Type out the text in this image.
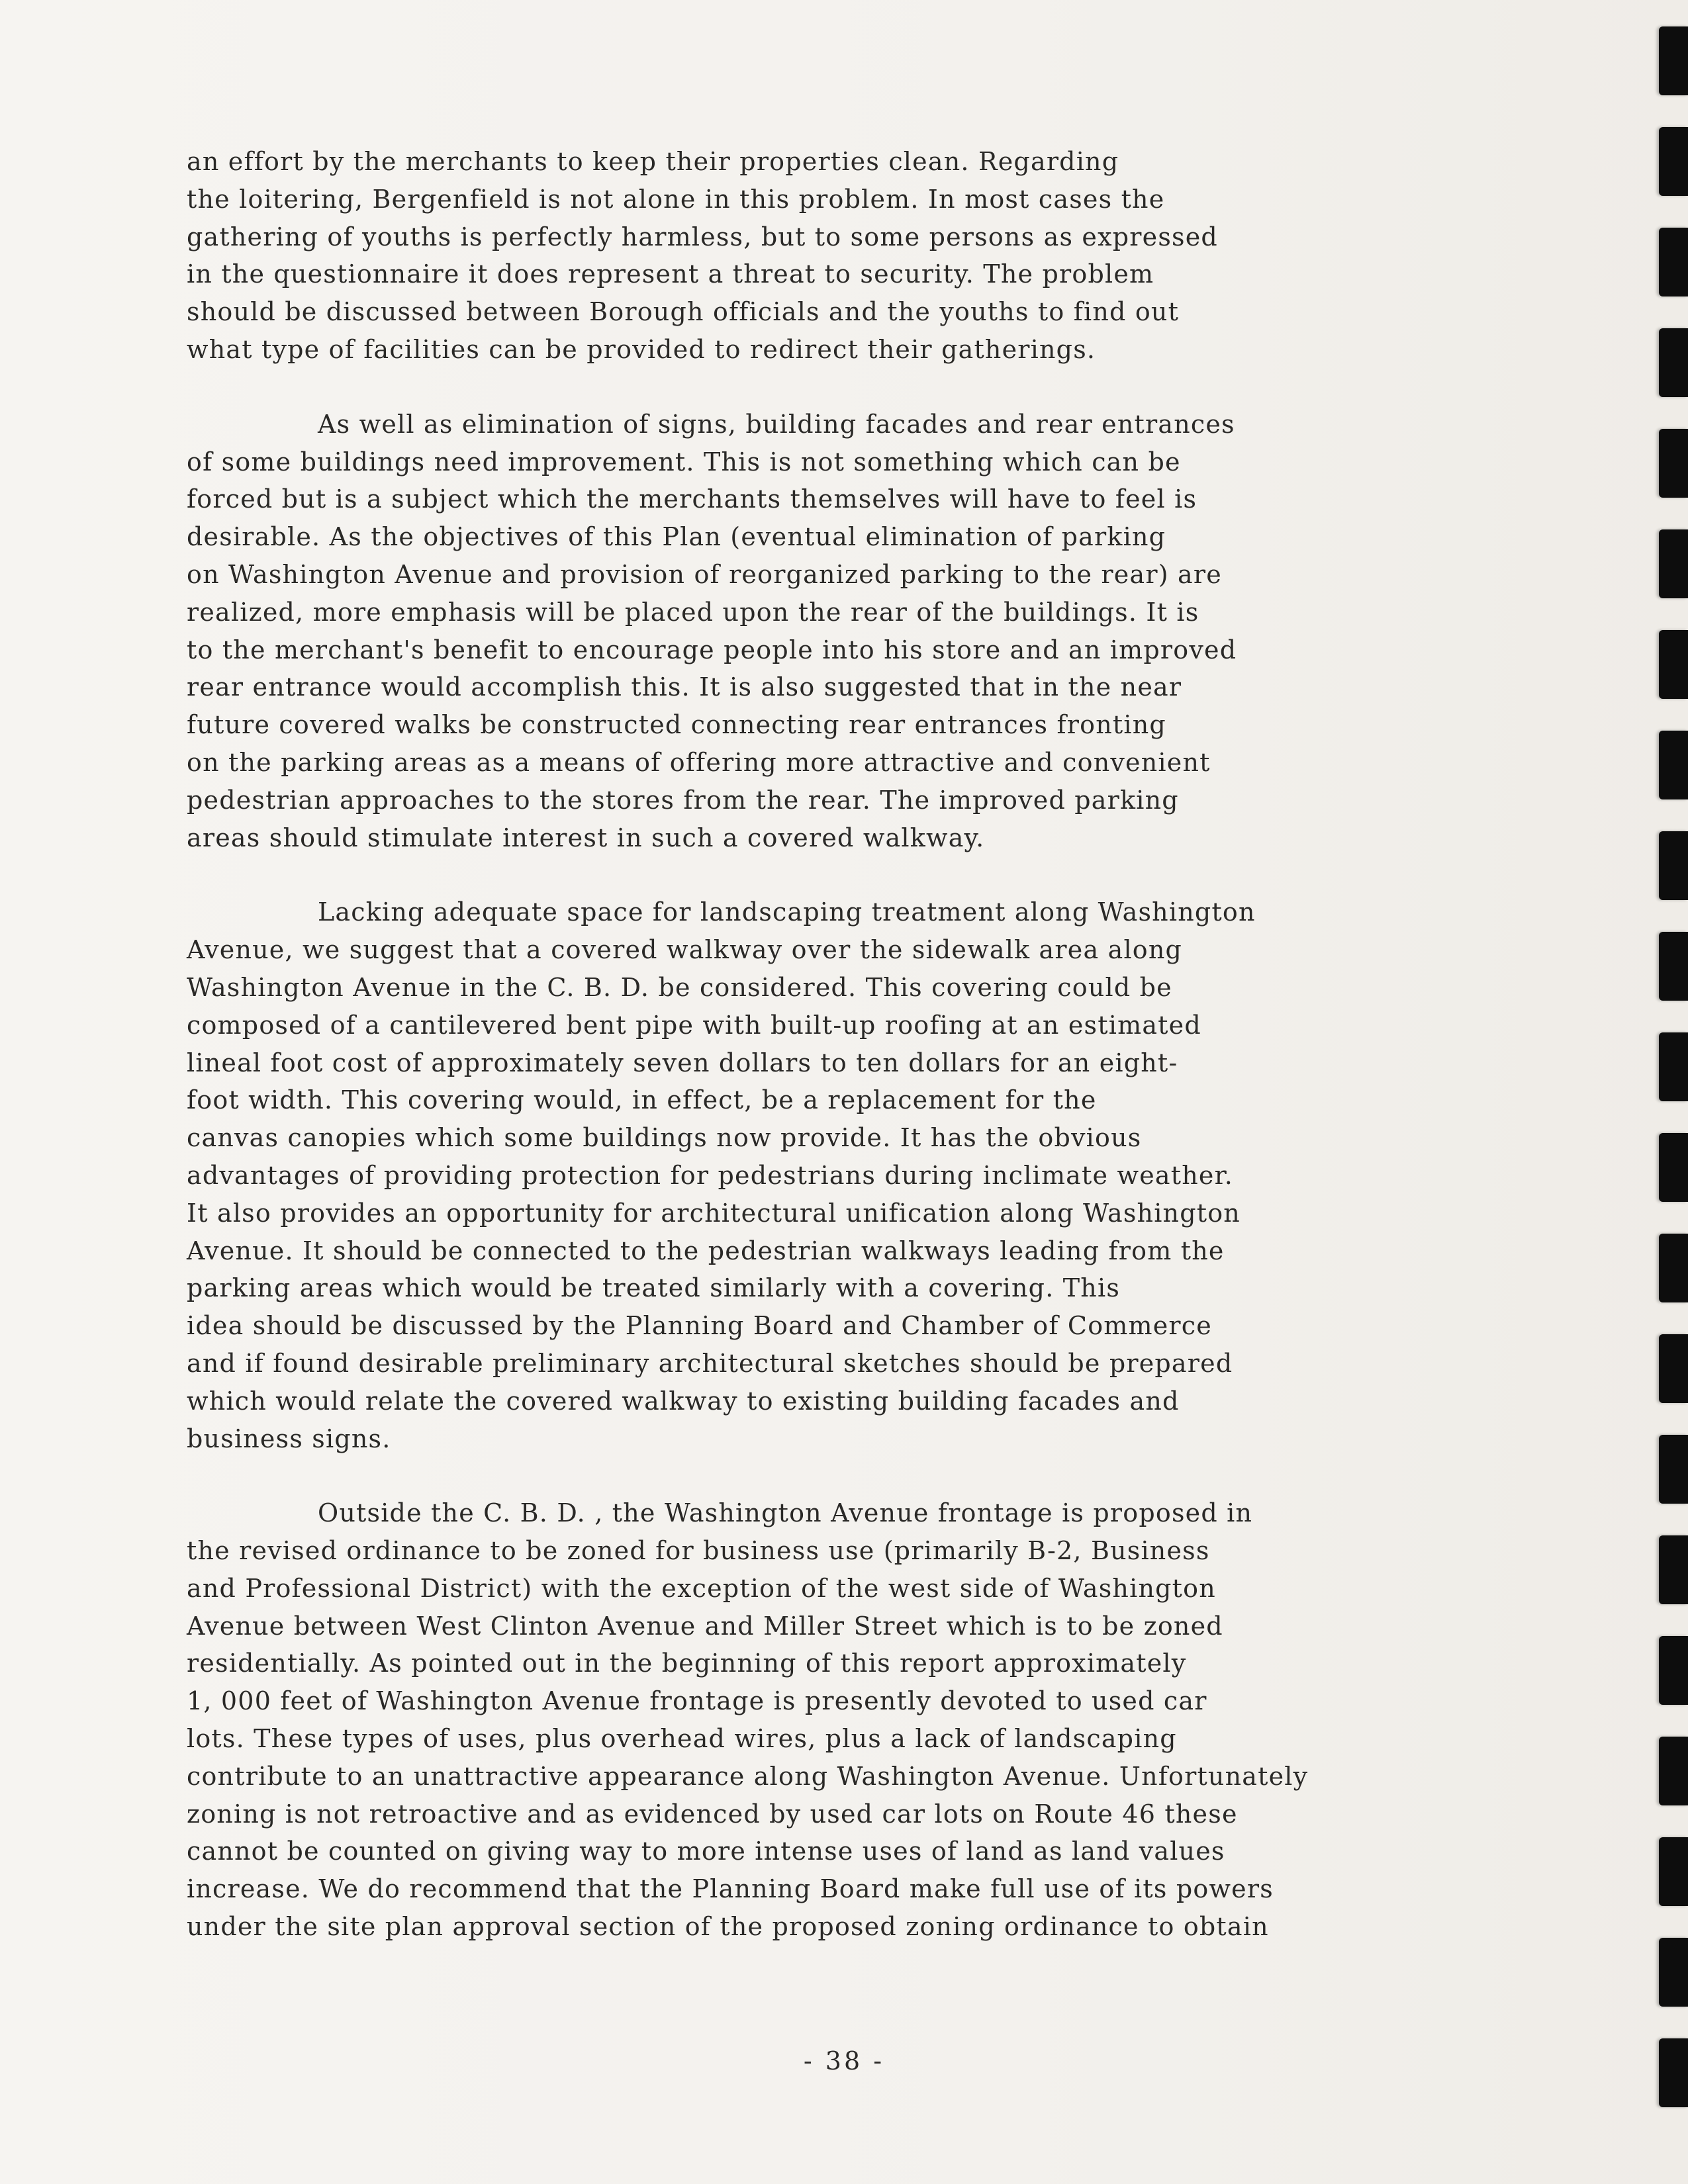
an effort by the merchants to keep their properties clean. Regarding
the loitering, Bergenfield is not alone in this problem. In most cases the
gathering of youths is perfectly harmless, but to some persons as expressed
in the questionnaire it does represent a threat to security. The problem
should be discussed between Borough officials and the youths to find out
what type of facilities can be provided to redirect their gatherings.
As well as elimination of signs, building facades and rear entrances
of some buildings need improvement. This is not something which can be
forced but is a subject which the merchants themselves will have to feel is
desirable. As the objectives of this Plan (eventual elimination of parking
on Washington Avenue and provision of reorganized parking to the rear) are
realized, more emphasis will be placed upon the rear of the buildings. It is
to the merchant's benefit to encourage people into his store and an improved
rear entrance would accomplish this. It is also suggested that in the near
future covered walks be constructed connecting rear entrances fronting
on the parking areas as a means of offering more attractive and convenient
pedestrian approaches to the stores from the rear. The improved parking
areas should stimulate interest in such a covered walkway.
Lacking adequate space for landscaping treatment along Washington
Avenue, we suggest that a covered walkway over the sidewalk area along
Washington Avenue in the C. B. D. be considered. This covering could be
composed of a cantilevered bent pipe with built-up roofing at an estimated
lineal foot cost of approximately seven dollars to ten dollars for an eight-
foot width. This covering would, in effect, be a replacement for the
canvas canopies which some buildings now provide. It has the obvious
advantages of providing protection for pedestrians during inclimate weather.
It also provides an opportunity for architectural unification along Washington
Avenue. It should be connected to the pedestrian walkways leading from the
parking areas which would be treated similarly with a covering. This
idea should be discussed by the Planning Board and Chamber of Commerce
and if found desirable preliminary architectural sketches should be prepared
which would relate the covered walkway to existing building facades and
business signs.
Outside the C. B. D. , the Washington Avenue frontage is proposed in
the revised ordinance to be zoned for business use (primarily B-2, Business
and Professional District) with the exception of the west side of Washington
Avenue between West Clinton Avenue and Miller Street which is to be zoned
residentially. As pointed out in the beginning of this report approximately
1, 000 feet of Washington Avenue frontage is presently devoted to used car
lots. These types of uses, plus overhead wires, plus a lack of landscaping
contribute to an unattractive appearance along Washington Avenue. Unfortunately
zoning is not retroactive and as evidenced by used car lots on Route 46 these
cannot be counted on giving way to more intense uses of land as land values
increase. We do recommend that the Planning Board make full use of its powers
under the site plan approval section of the proposed zoning ordinance to obtain
- 38 -
